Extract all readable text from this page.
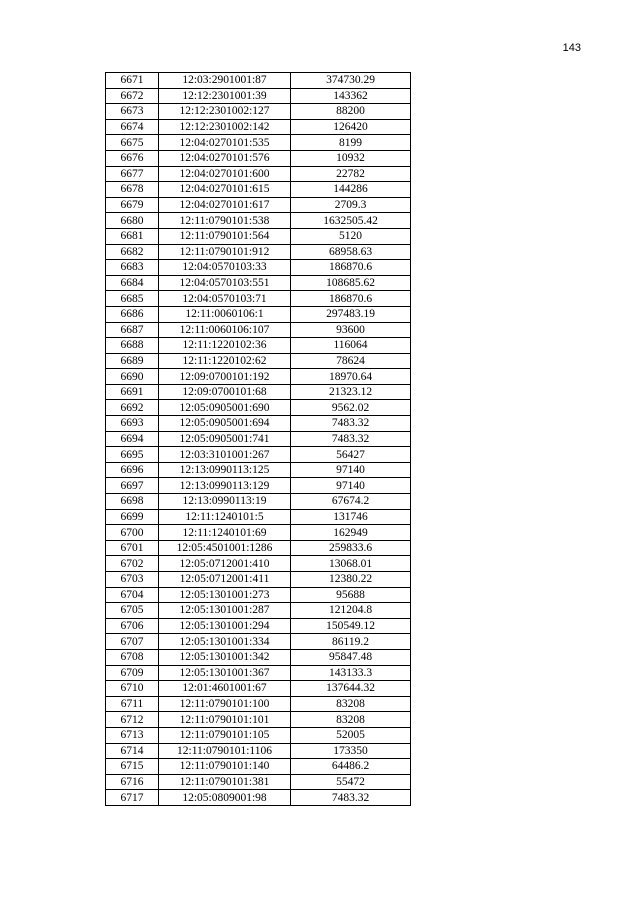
143
6671	12:03:2901001:87	374730.29
6672	12:12:2301001:39	143362
6673	12:12:2301002:127	88200
6674	12:12:2301002:142	126420
6675	12:04:0270101:535	8199
6676	12:04:0270101:576	10932
6677	12:04:0270101:600	22782
6678	12:04:0270101:615	144286
6679	12:04:0270101:617	2709.3
6680	12:11:0790101:538	1632505.42
6681	12:11:0790101:564	5120
6682	12:11:0790101:912	68958.63
6683	12:04:0570103:33	186870.6
6684	12:04:0570103:551	108685.62
6685	12:04:0570103:71	186870.6
6686	12:11:0060106:1	297483.19
6687	12:11:0060106:107	93600
6688	12:11:1220102:36	116064
6689	12:11:1220102:62	78624
6690	12:09:0700101:192	18970.64
6691	12:09:0700101:68	21323.12
6692	12:05:0905001:690	9562.02
6693	12:05:0905001:694	7483.32
6694	12:05:0905001:741	7483.32
6695	12:03:3101001:267	56427
6696	12:13:0990113:125	97140
6697	12:13:0990113:129	97140
6698	12:13:0990113:19	67674.2
6699	12:11:1240101:5	131746
6700	12:11:1240101:69	162949
6701	12:05:4501001:1286	259833.6
6702	12:05:0712001:410	13068.01
6703	12:05:0712001:411	12380.22
6704	12:05:1301001:273	95688
6705	12:05:1301001:287	121204.8
6706	12:05:1301001:294	150549.12
6707	12:05:1301001:334	86119.2
6708	12:05:1301001:342	95847.48
6709	12:05:1301001:367	143133.3
6710	12:01:4601001:67	137644.32
6711	12:11:0790101:100	83208
6712	12:11:0790101:101	83208
6713	12:11:0790101:105	52005
6714	12:11:0790101:1106	173350
6715	12:11:0790101:140	64486.2
6716	12:11:0790101:381	55472
6717	12:05:0809001:98	7483.32
